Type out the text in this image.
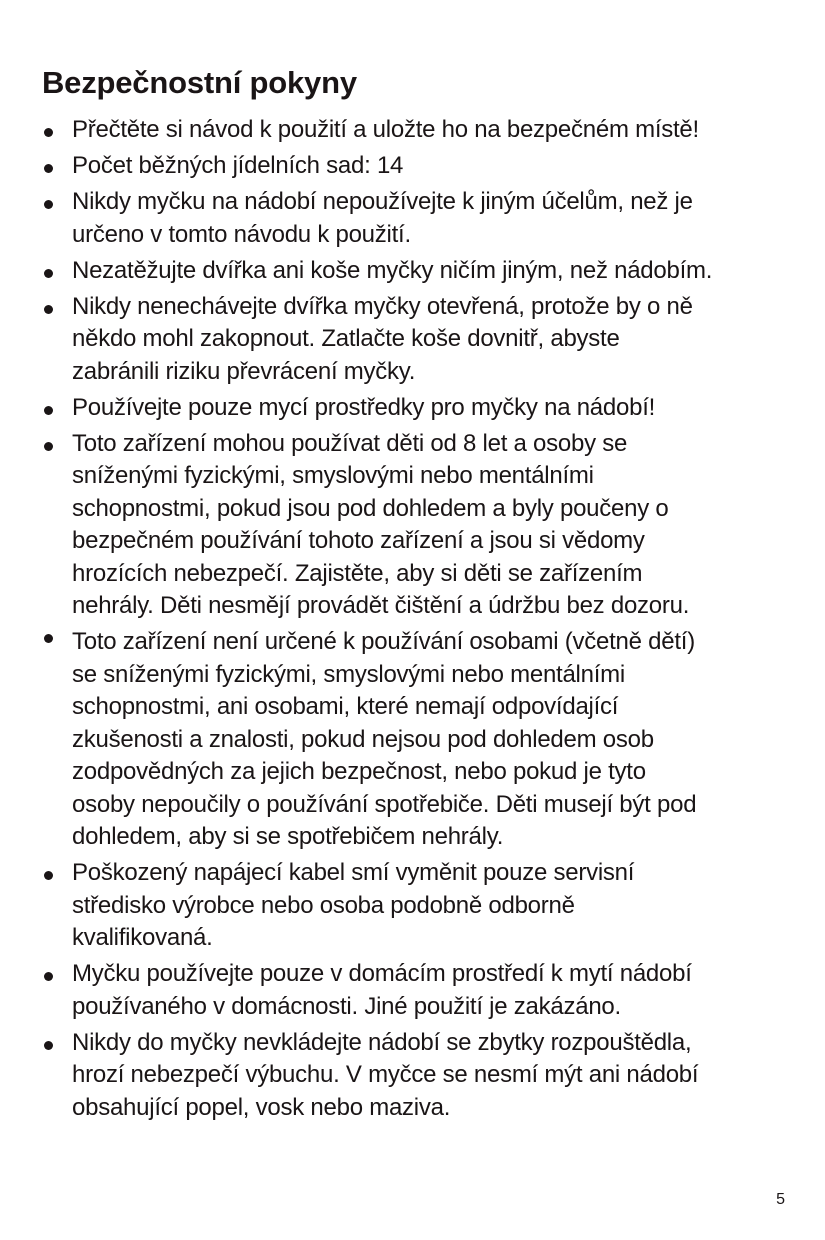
Bezpečnostní pokyny
Přečtěte si návod k použití a uložte ho na bezpečném místě!
Počet běžných jídelních sad: 14
Nikdy myčku na nádobí nepoužívejte k jiným účelům, než je
určeno v tomto návodu k použití.
Nezatěžujte dvířka ani koše myčky ničím jiným, než nádobím.
Nikdy nenechávejte dvířka myčky otevřená, protože by o ně
někdo mohl zakopnout. Zatlačte koše dovnitř, abyste
zabránili riziku převrácení myčky.
Používejte pouze mycí prostředky pro myčky na nádobí!
Toto zařízení mohou používat děti od 8 let a osoby se
sníženými fyzickými, smyslovými nebo mentálními
schopnostmi, pokud jsou pod dohledem a byly poučeny o
bezpečném používání tohoto zařízení a jsou si vědomy
hrozících nebezpečí. Zajistěte, aby si děti se zařízením
nehrály. Děti nesmějí provádět čištění a údržbu bez dozoru.
Toto zařízení není určené k používání osobami (včetně dětí)
se sníženými fyzickými, smyslovými nebo mentálními
schopnostmi, ani osobami, které nemají odpovídající
zkušenosti a znalosti, pokud nejsou pod dohledem osob
zodpovědných za jejich bezpečnost, nebo pokud je tyto
osoby nepoučily o používání spotřebiče. Děti musejí být pod
dohledem, aby si se spotřebičem nehrály.
Poškozený napájecí kabel smí vyměnit pouze servisní
středisko výrobce nebo osoba podobně odborně
kvalifikovaná.
Myčku používejte pouze v domácím prostředí k mytí nádobí
používaného v domácnosti. Jiné použití je zakázáno.
Nikdy do myčky nevkládejte nádobí se zbytky rozpouštědla,
hrozí nebezpečí výbuchu. V myčce se nesmí mýt ani nádobí
obsahující popel, vosk nebo maziva.
5
